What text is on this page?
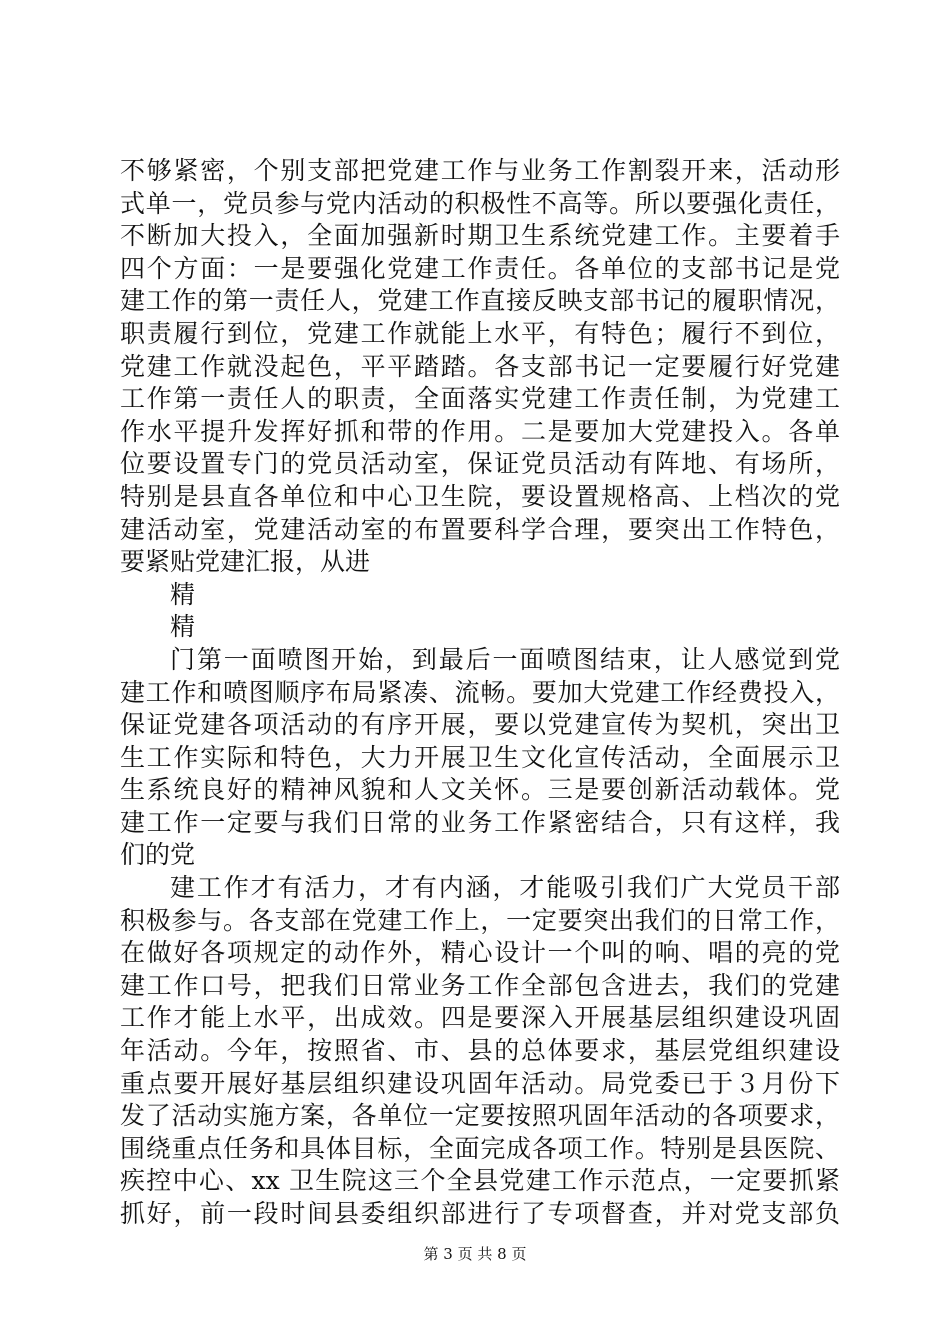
不够紧密，个别支部把党建工作与业务工作割裂开来，活动形
式单一，党员参与党内活动的积极性不高等。所以要强化责任，
不断加大投入，全面加强新时期卫生系统党建工作。主要着手
四个方面：一是要强化党建工作责任。各单位的支部书记是党
建工作的第一责任人，党建工作直接反映支部书记的履职情况，
职责履行到位，党建工作就能上水平，有特色；履行不到位，
党建工作就没起色，平平踏踏。各支部书记一定要履行好党建
工作第一责任人的职责，全面落实党建工作责任制，为党建工
作水平提升发挥好抓和带的作用。二是要加大党建投入。各单
位要设置专门的党员活动室，保证党员活动有阵地、有场所，
特别是县直各单位和中心卫生院，要设置规格高、上档次的党
建活动室，党建活动室的布置要科学合理，要突出工作特色，
要紧贴党建汇报，从进
精
精
门第一面喷图开始，到最后一面喷图结束，让人感觉到党
建工作和喷图顺序布局紧凑、流畅。要加大党建工作经费投入，
保证党建各项活动的有序开展，要以党建宣传为契机，突出卫
生工作实际和特色，大力开展卫生文化宣传活动，全面展示卫
生系统良好的精神风貌和人文关怀。三是要创新活动载体。党
建工作一定要与我们日常的业务工作紧密结合，只有这样，我
们的党
建工作才有活力，才有内涵，才能吸引我们广大党员干部
积极参与。各支部在党建工作上，一定要突出我们的日常工作，
在做好各项规定的动作外，精心设计一个叫的响、唱的亮的党
建工作口号，把我们日常业务工作全部包含进去，我们的党建
工作才能上水平，出成效。四是要深入开展基层组织建设巩固
年活动。今年，按照省、市、县的总体要求，基层党组织建设
重点要开展好基层组织建设巩固年活动。局党委已于３月份下
发了活动实施方案，各单位一定要按照巩固年活动的各项要求，
围绕重点任务和具体目标，全面完成各项工作。特别是县医院、
疾控中心、xx 卫生院这三个全县党建工作示范点，一定要抓紧
抓好，前一段时间县委组织部进行了专项督查，并对党支部负
第 3 页 共 8 页
